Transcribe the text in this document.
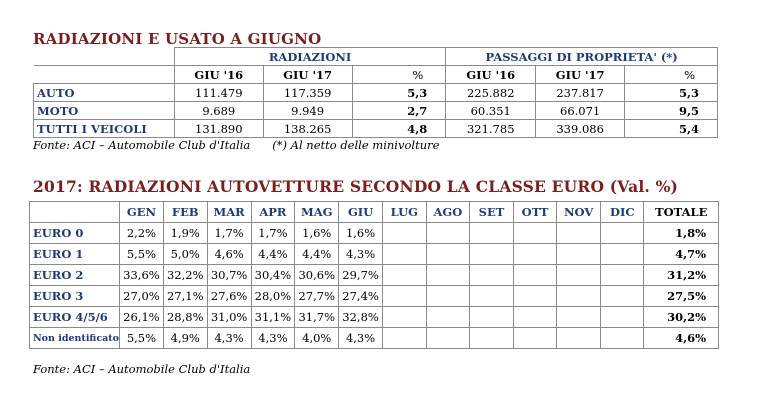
RADIAZIONI E USATO A GIUGNO
	RADIAZIONI			PASSAGGI DI PROPRIETA' (*)		
	GIU '16	GIU '17	%	GIU '16	GIU '17	%
AUTO	111.479	117.359	5,3	225.882	237.817	5,3
MOTO	9.689	9.949	2,7	60.351	66.071	9,5
TUTTI I VEICOLI	131.890	138.265	4,8	321.785	339.086	5,4
Fonte: ACI – Automobile Club d'Italia (*) Al netto delle minivolture
2017: RADIAZIONI AUTOVETTURE SECONDO LA CLASSE EURO (Val. %)
	GEN	FEB	MAR	APR	MAG	GIU	LUG	AGO	SET	OTT	NOV	DIC	TOTALE
EURO 0	2,2%	1,9%	1,7%	1,7%	1,6%	1,6%							1,8%
EURO 1	5,5%	5,0%	4,6%	4,4%	4,4%	4,3%							4,7%
EURO 2	33,6%	32,2%	30,7%	30,4%	30,6%	29,7%							31,2%
EURO 3	27,0%	27,1%	27,6%	28,0%	27,7%	27,4%							27,5%
EURO 4/5/6	26,1%	28,8%	31,0%	31,1%	31,7%	32,8%							30,2%
Non identificato	5,5%	4,9%	4,3%	4,3%	4,0%	4,3%							4,6%
Fonte: ACI – Automobile Club d'Italia
